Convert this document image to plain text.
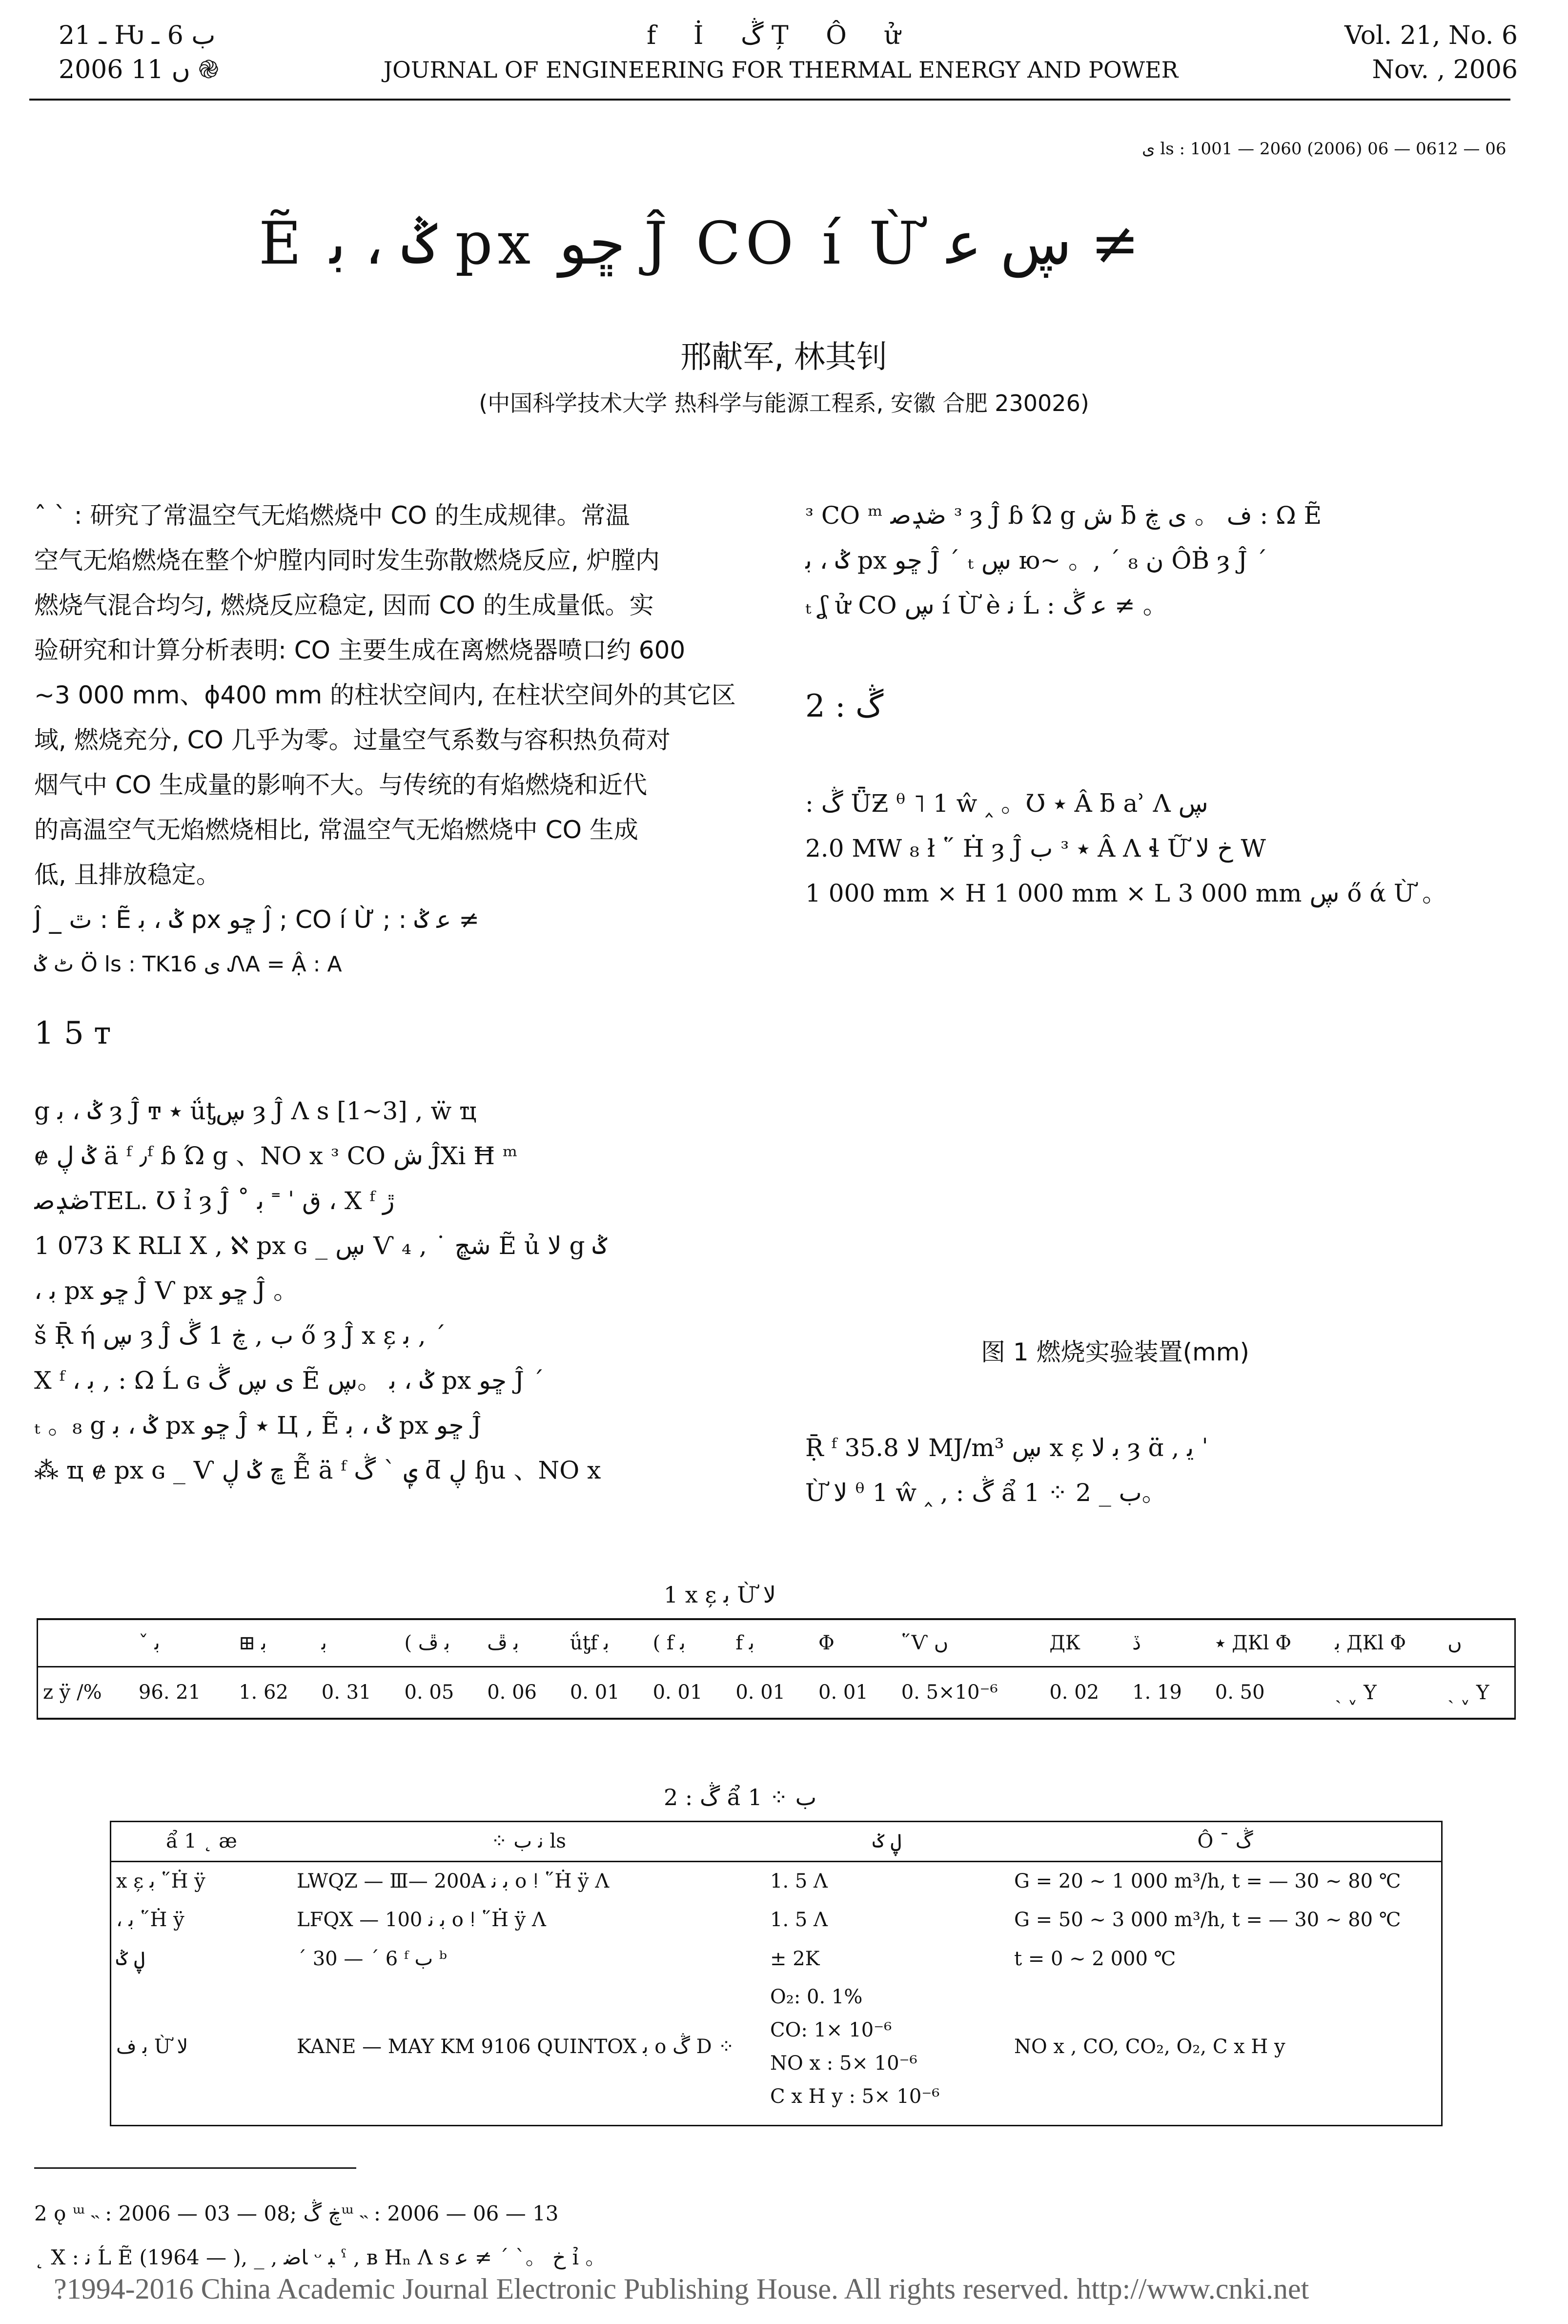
ـ 21 Ƕ ب 6 ـ
2006 ں 11 ֎
f İ ڴ Ț Ô ử
JOURNAL OF ENGINEERING FOR THERMAL ENERGY AND POWER
Vol. 21, No. 6
Nov. , 2006
ى ls : 1001 — 2060 (2006) 06 — 0612 — 06
Ẽ ݣ ، ﺑ px ڇو Ĵ CO í Ừ ڛ ﻋ ≠
邢献军, 林其钊
(中国科学技术大学 热科学与能源工程系, 安徽 合肥 230026)
ˆ ˋ : 研究了常温空气无焰燃烧中 CO 的生成规律。常温
空气无焰燃烧在整个炉膛内同时发生弥散燃烧反应, 炉膛内
燃烧气混合均匀, 燃烧反应稳定, 因而 CO 的生成量低。实
验研究和计算分析表明: CO 主要生成在离燃烧器喷口约 600
~3 000 mm、ϕ400 mm 的柱状空间内, 在柱状空间外的其它区
域, 燃烧充分, CO 几乎为零。过量空气系数与容积热负荷对
烟气中 CO 生成量的影响不大。与传统的有焰燃烧和近代
的高温空气无焰燃烧相比, 常温空气无焰燃烧中 CO 生成
低, 且排放稳定。
Ĵ _ ٿ : Ẽ ݣ ، ﺑ px ڇو Ĵ ; CO í Ừ ; : ﻋ ݣ ≠
ٹ ݣ Ö ls : TK16 ى ᏁА = Ậ : A
1 5 т
g ݣ ، ﺑ ȝ Ĵ ͳ ٭ ǘƫڛ ȝ Ĵ Ʌ s [1~3] , ẅ ҵ
ɇ ݣ ڸ ä ᶠ ٫ᶠ ɓ Ώ g 、NO x ᶟ CO ش ĴXi Ħ ᵐ
ڞݚﺻTEL. Ʊ ỉ ȝ Ĵ ˚ ق ˈ ˭ ﺑ ، X ᶠ ڙ
1 073 K RLI X , ℵ px ɢ _ ڛ Ѵ شڇ ˙ , ₄ Ẽ ủ ﻻ g ݣ
، ﺑ px ڇو Ĵ Ѵ px ڇو Ĵ 。
š Ṝ ή ڛ ȝ Ĵ ب , ڿ 1 ڴ ő ȝ Ĵ x ɛ̦ ﺑ , ˊ
X ᶠ ، ﺑ , : Ω Ĺ ɢ ى ڛ ڴ Ẽ ݣ ، ﺑ 。ڛ px ڇو Ĵ ˊ
ₜ 。₈ g ݣ ، ﺑ px ڇو Ĵ ٭ Ц , Ẽ ݣ ، ﺑ px ڇو Ĵ
⁂ ҵ ɇ px ɢ _ Ѵ ڇ ݣ ڸ Ễ ä ᶠ ݷ ˋ ڴ ƌ ڸ ɧu 、NO x
ᶟ CO ᵐ ڞݚﺻ ᶟ ȝ Ĵ ɓ Ώ g ش ƃ ف 。 ى ڿ : Ω Ẽ
ݣ ، ﺑ px ڇو Ĵ ˊ ₜ ڛ ю~ 。, ˊ ن ₈ ÔḂ ȝ Ĵ ˊ
ₜ ʆ ử CO ڛ í Ừ è ﻧ Ĺ : ﻋ ڴ ≠ 。
2 : ڴ
: ڴ ǕƵ ᶿ ˥ 1 ŵ ‸ 。Ʊ ٭ Â ƃ ẚ Ʌ ڛ
2.0 MW ₈ ł ῞ Ḣ ȝ Ĵ ب ᶟ ٭ Â Ʌ ɬ Ữ خ ﻻ W
1 000 mm × H 1 000 mm × L 3 000 mm ڛ ő ά Ừ 。
图 1 燃烧实验装置(mm)
Ṝ ᶠ ﻻ 35.8 MJ/m³ ڛ x ɛ̦ ﺑ ﻻ ȝ ɑ̈ , ﯾ ˈ
Ừ ﻻ ᶿ 1 ŵ ‸ , : ڴ ẩ 1 ⁘ ب _ 2。
1 x ɛ̦ ﺑ Ừ ﻻ
	ˇ ﺑ	⊞ ﺑ	ﺑ	( ﺑ ڦ	ﺑ ڦ	ǘƫf ﺑ	( f ﺑ	f ﺑ	Φ	῞Ѵ ں	ДК	ڏ	٭ ДКl Φ	ﺑ ДКl Φ	ں
z ÿ /%	96. 21	1. 62	0. 31	0. 05	0. 06	0. 01	0. 01	0. 01	0. 01	0. 5×10⁻⁶	0. 02	1. 19	0. 50	ˏ ˬ Y	ˏ ˬ Y
2 : ڴ ẩ 1 ⁘ ب
ẩ 1 ˛ æ	⁘ ﻧ ب ls	ڸ ݢ	Ô ˉ ڴ
x ɛ̦ ﺑ ῞Ḣ ÿ	LWQZ — Ⅲ— 200A ﺑ ﻧ ο ǃ ῞Ḣ ÿ Ʌ	1. 5 Ʌ	G = 20 ~ 1 000 m³/h, t = — 30 ~ 80 ℃
، ﺑ ῞Ḣ ÿ	LFQX — 100 ﺑ ﻧ ο ǃ ῞Ḣ ÿ Ʌ	1. 5 Ʌ	G = 50 ~ 3 000 m³/h, t = — 30 ~ 80 ℃
ڸ ݣ	ˊ 30 — ˊ 6 ᶠ ب ᵇ	± 2K	t = 0 ~ 2 000 ℃
ﺑ ف Ừ ﻻ	KANE — MAY KM 9106 QUINTOX ﺑ ο ڴ D ⁘	O₂: 0. 1%
CO: 1× 10⁻⁶
NO x : 5× 10⁻⁶
C x H y : 5× 10⁻⁶	NO x , CO, CO₂, O₂, C x H y
2 ǫ ᵚ ˵ : 2006 — 03 — 08; ڿ ڴᵚ ˵ : 2006 — 06 — 13
˛ Χ : ﻧ Ĺ Ẽ (1964 — ), _ , ﺎﺿ ᵕ ﺒ ˤ , ʙ Hₙ Ʌ s خ 。ˋ ˊ ≠ ﻋ ỉ 。
?1994-2016 China Academic Journal Electronic Publishing House. All rights reserved. http://www.cnki.net
